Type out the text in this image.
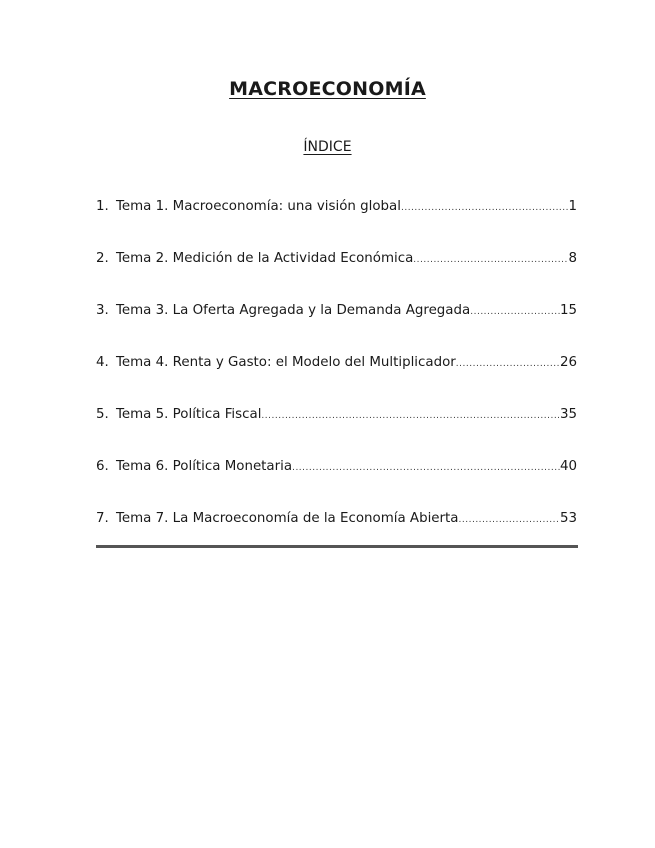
MACROECONOMÍA
ÍNDICE
1. Tema 1. Macroeconomía: una visión global .....	1
2. Tema 2. Medición de la Actividad Económica .....	8
3. Tema 3. La Oferta Agregada y la Demanda Agregada .....	15
4. Tema 4. Renta y Gasto: el Modelo del Multiplicador .....	26
5. Tema 5. Política Fiscal .....	35
6. Tema 6. Política Monetaria .....	40
7. Tema 7. La Macroeconomía de la Economía Abierta .....	53
